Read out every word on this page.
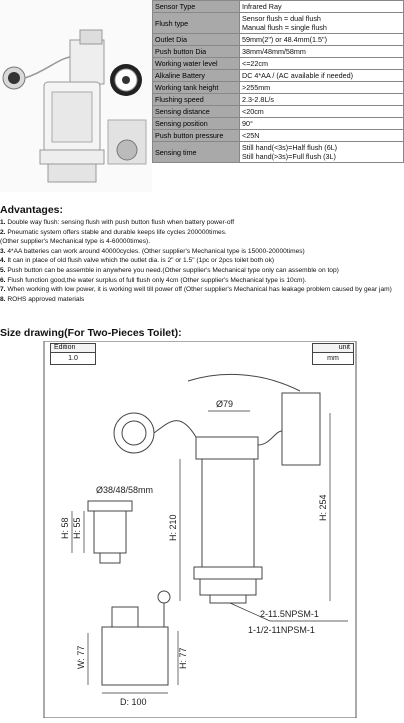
Sensor Type	Infrared Ray

Flush type	Sensor flush = dual flush
Manual flush = single flush

Outlet Dia	59mm(2") or 48.4mm(1.5")

Push button Dia	38mm/48mm/58mm

Working water level	<=22cm

Alkaline Battery	DC 4*AA / (AC available if needed)

Working tank height	>255mm

Flushing speed	2.3-2.8L/s

Sensing distance	<20cm

Sensing position	90°

Push button pressure	<25N

Sensing time	Still hand(<3s)=Half flush (6L)
Still hand(>3s)=Full flush (3L)
Advantages:
1. Double way flush: sensing flush with push button flush when battery power-off
2. Pneumatic system offers stable and durable keeps life cycles 200000times.
(Other supplier's Mechanical type is 4-60000times).
3. 4*AA batteries can work around 40000cycles. (Other supplier's Mechanical type is 15000-20000times)
4. It can in place of old flush valve which the outlet dia. is 2" or 1.5" (1pc or 2pcs toilet both ok)
5. Push button can be assemble in anywhere you need.(Other supplier's Mechanical type only can assemble on top)
6. Flush function good,the water surplus of full flush only 4cm (Other supplier's Mechanical type is 10cm).
7. When working with low power, it is working well till power off (Other supplier's Mechanical has leakage problem caused by gear jam)
8. ROHS approved materials
Size drawing(For Two-Pieces Toilet):
Ø79
H: 210
H: 254
Ø38/48/58mm
H: 58 H: 55
W: 77	H: 77
D: 100
2-11.5NPSM-1
1-1/2-11NPSM-1
Edition
1.0
unit
mm
